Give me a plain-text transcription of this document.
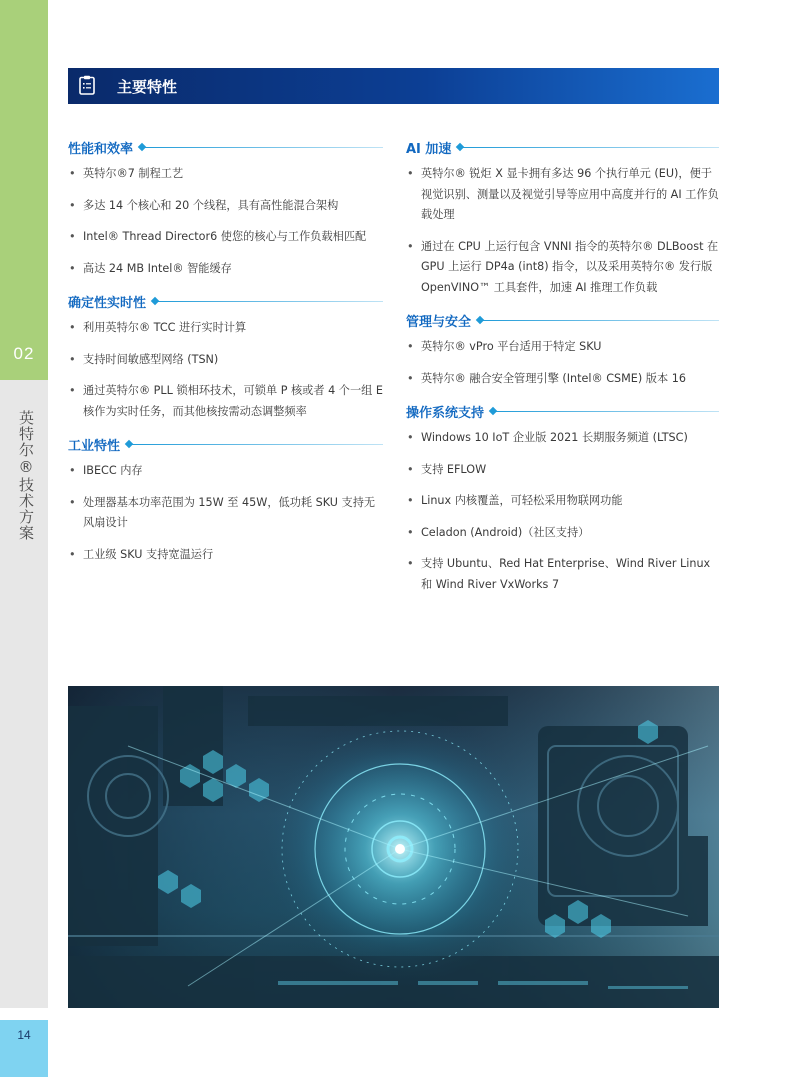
02
英特尔®技术方案
14
主要特性
性能和效率
• 英特尔®7 制程工艺
• 多达 14 个核心和 20 个线程，具有高性能混合架构
• Intel® Thread Director6 使您的核心与工作负载相匹配
• 高达 24 MB Intel® 智能缓存
确定性实时性
• 利用英特尔® TCC 进行实时计算
• 支持时间敏感型网络 (TSN)
• 通过英特尔® PLL 锁相环技术，可锁单 P 核或者 4 个一组 E 核作为实时任务，而其他核按需动态调整频率
工业特性
• IBECC 内存
• 处理器基本功率范围为 15W 至 45W，低功耗 SKU 支持无风扇设计
• 工业级 SKU 支持宽温运行
AI 加速
• 英特尔® 锐炬 X 显卡拥有多达 96 个执行单元 (EU)，便于视觉识别、测量以及视觉引导等应用中高度并行的 AI 工作负载处理
• 通过在 CPU 上运行包含 VNNI 指令的英特尔® DLBoost 在 GPU 上运行 DP4a (int8) 指令，以及采用英特尔® 发行版 OpenVINO™ 工具套件，加速 AI 推理工作负载
管理与安全
• 英特尔® vPro 平台适用于特定 SKU
• 英特尔® 融合安全管理引擎 (Intel® CSME) 版本 16
操作系统支持
• Windows 10 IoT 企业版 2021 长期服务频道 (LTSC)
• 支持 EFLOW
• Linux 内核覆盖，可轻松采用物联网功能
• Celadon (Android)（社区支持）
• 支持 Ubuntu、Red Hat Enterprise、Wind River Linux 和 Wind River VxWorks 7
